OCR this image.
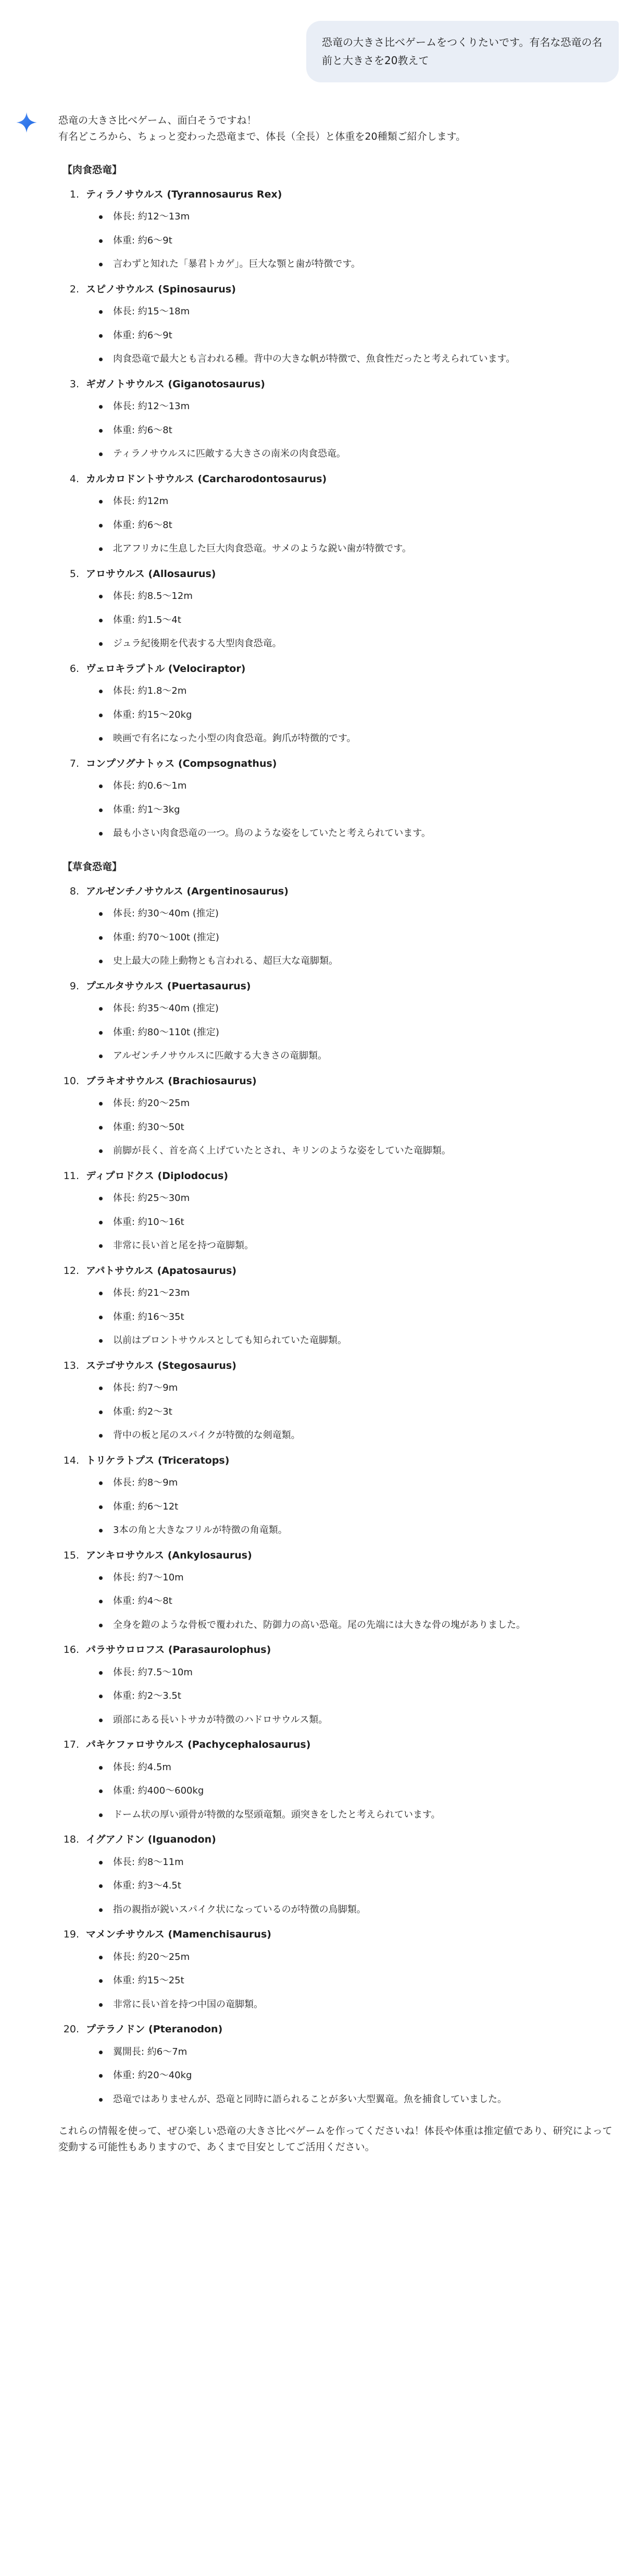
恐竜の大きさ比べゲームをつくりたいです。有名な恐竜の名前と大きさを20教えて

恐竜の大きさ比べゲーム、面白そうですね！

有名どころから、ちょっと変わった恐竜まで、体長（全長）と体重を20種類ご紹介します。

【肉食恐竜】
1. ティラノサウルス (Tyrannosaurus Rex)
体長: 約12〜13m
体重: 約6〜9t
言わずと知れた「暴君トカゲ」。巨大な顎と歯が特徴です。
2. スピノサウルス (Spinosaurus)
体長: 約15〜18m
体重: 約6〜9t
肉食恐竜で最大とも言われる種。背中の大きな帆が特徴で、魚食性だったと考えられています。
3. ギガノトサウルス (Giganotosaurus)
体長: 約12〜13m
体重: 約6〜8t
ティラノサウルスに匹敵する大きさの南米の肉食恐竜。
4. カルカロドントサウルス (Carcharodontosaurus)
体長: 約12m
体重: 約6〜8t
北アフリカに生息した巨大肉食恐竜。サメのような鋭い歯が特徴です。
5. アロサウルス (Allosaurus)
体長: 約8.5〜12m
体重: 約1.5〜4t
ジュラ紀後期を代表する大型肉食恐竜。
6. ヴェロキラプトル (Velociraptor)
体長: 約1.8〜2m
体重: 約15〜20kg
映画で有名になった小型の肉食恐竜。鉤爪が特徴的です。
7. コンプソグナトゥス (Compsognathus)
体長: 約0.6〜1m
体重: 約1〜3kg
最も小さい肉食恐竜の一つ。鳥のような姿をしていたと考えられています。
【草食恐竜】
8. アルゼンチノサウルス (Argentinosaurus)
体長: 約30〜40m (推定)
体重: 約70〜100t (推定)
史上最大の陸上動物とも言われる、超巨大な竜脚類。
9. プエルタサウルス (Puertasaurus)
体長: 約35〜40m (推定)
体重: 約80〜110t (推定)
アルゼンチノサウルスに匹敵する大きさの竜脚類。
10. ブラキオサウルス (Brachiosaurus)
体長: 約20〜25m
体重: 約30〜50t
前脚が長く、首を高く上げていたとされ、キリンのような姿をしていた竜脚類。
11. ディプロドクス (Diplodocus)
体長: 約25〜30m
体重: 約10〜16t
非常に長い首と尾を持つ竜脚類。
12. アパトサウルス (Apatosaurus)
体長: 約21〜23m
体重: 約16〜35t
以前はブロントサウルスとしても知られていた竜脚類。
13. ステゴサウルス (Stegosaurus)
体長: 約7〜9m
体重: 約2〜3t
背中の板と尾のスパイクが特徴的な剣竜類。
14. トリケラトプス (Triceratops)
体長: 約8〜9m
体重: 約6〜12t
3本の角と大きなフリルが特徴の角竜類。
15. アンキロサウルス (Ankylosaurus)
体長: 約7〜10m
体重: 約4〜8t
全身を鎧のような骨板で覆われた、防御力の高い恐竜。尾の先端には大きな骨の塊がありました。
16. パラサウロロフス (Parasaurolophus)
体長: 約7.5〜10m
体重: 約2〜3.5t
頭部にある長いトサカが特徴のハドロサウルス類。
17. パキケファロサウルス (Pachycephalosaurus)
体長: 約4.5m
体重: 約400〜600kg
ドーム状の厚い頭骨が特徴的な堅頭竜類。頭突きをしたと考えられています。
18. イグアノドン (Iguanodon)
体長: 約8〜11m
体重: 約3〜4.5t
指の親指が鋭いスパイク状になっているのが特徴の鳥脚類。
19. マメンチサウルス (Mamenchisaurus)
体長: 約20〜25m
体重: 約15〜25t
非常に長い首を持つ中国の竜脚類。
20. プテラノドン (Pteranodon)
翼開長: 約6〜7m
体重: 約20〜40kg
恐竜ではありませんが、恐竜と同時に語られることが多い大型翼竜。魚を捕食していました。
これらの情報を使って、ぜひ楽しい恐竜の大きさ比べゲームを作ってくださいね！体長や体重は推定値であり、研究によって変動する可能性もありますので、あくまで目安としてご活用ください。
